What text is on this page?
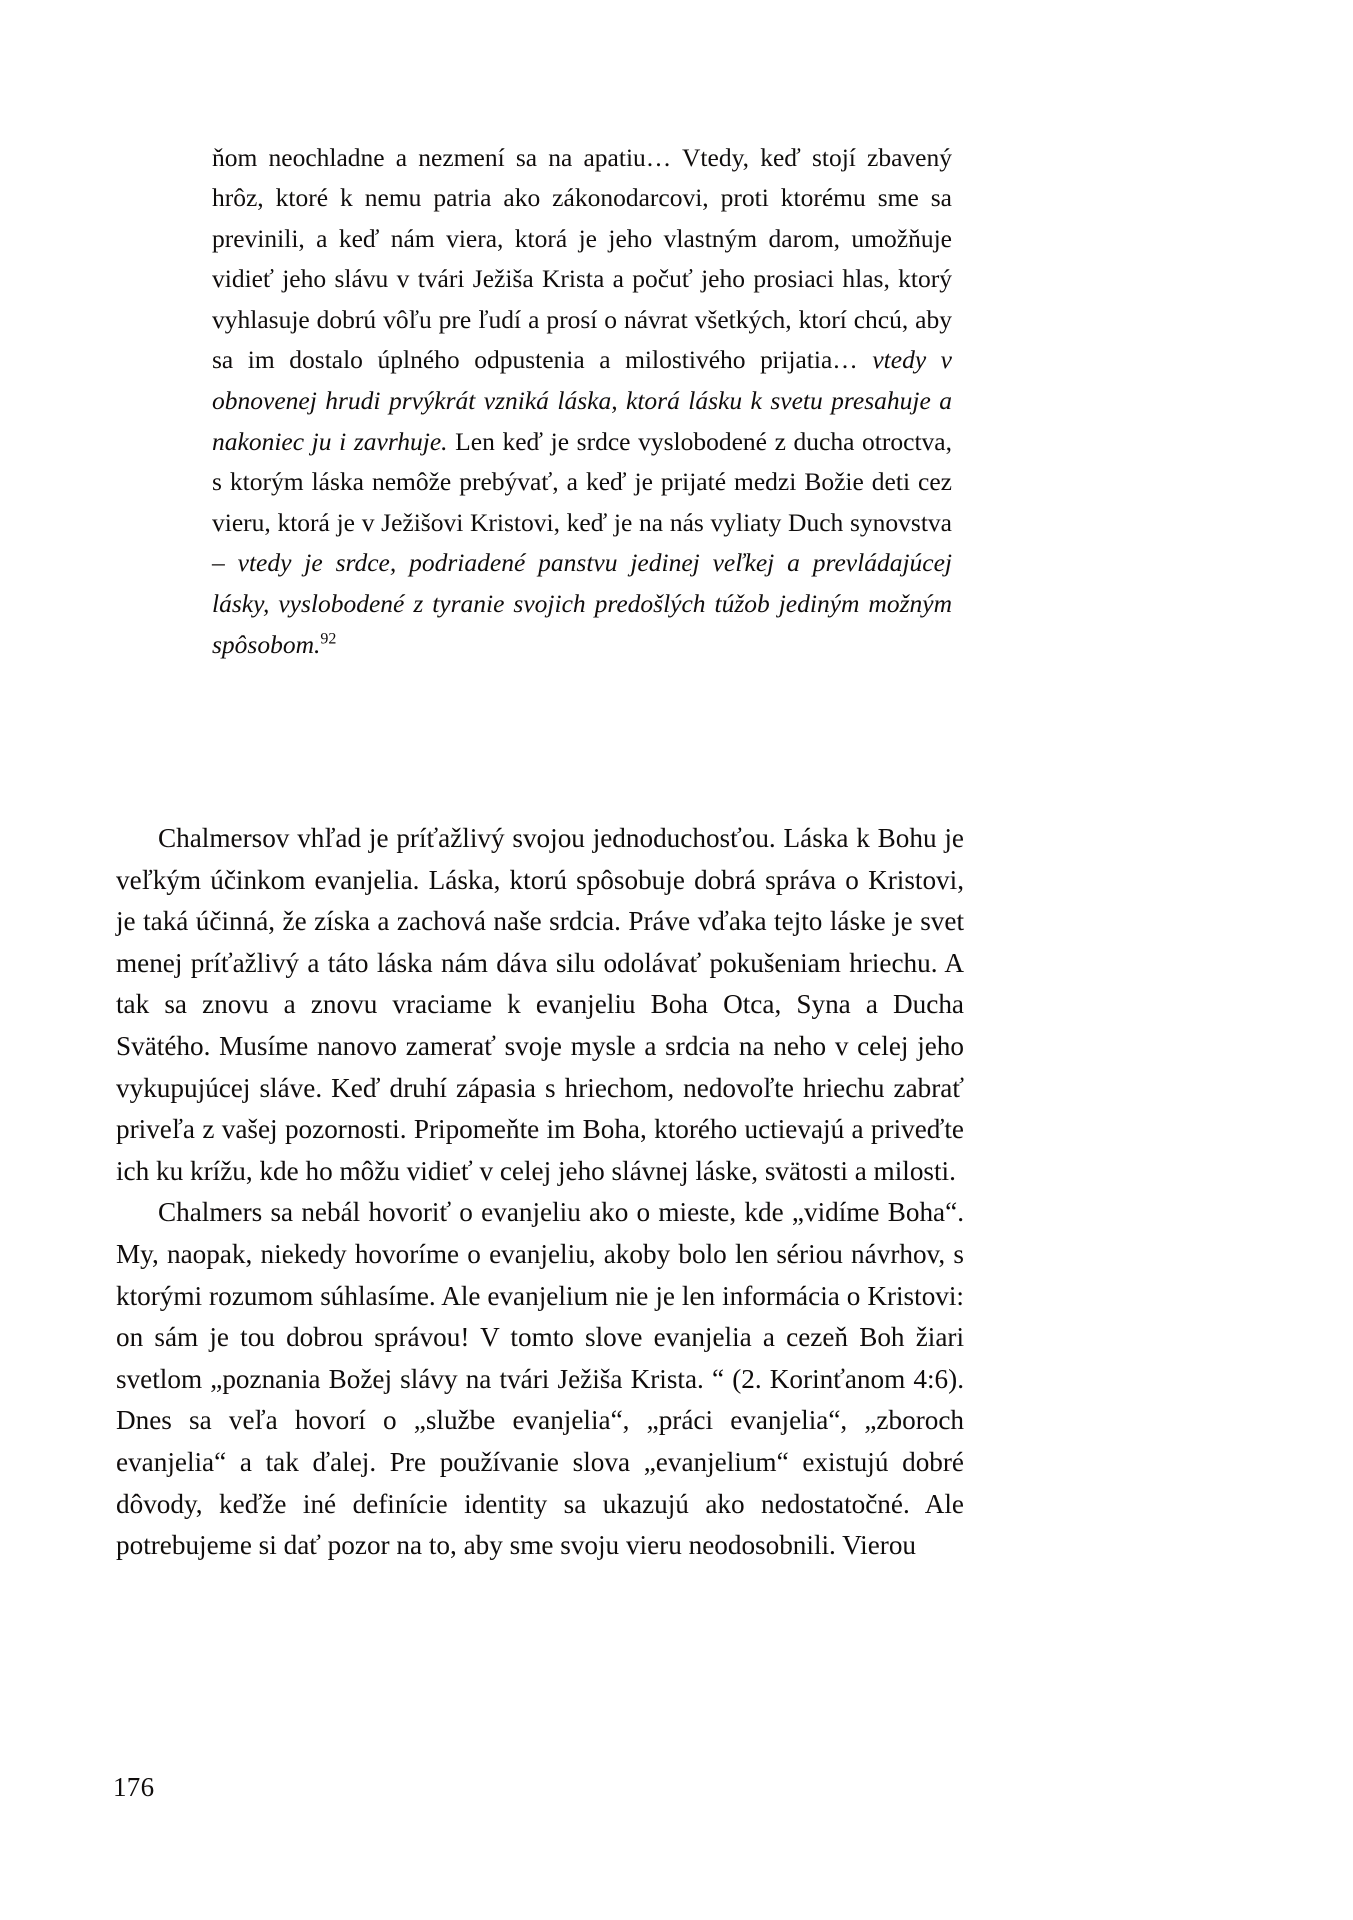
ňom neochladne a nezmení sa na apatiu… Vtedy, keď stojí zbavený hrôz, ktoré k nemu patria ako zákonodarcovi, proti ktorému sme sa previnili, a keď nám viera, ktorá je jeho vlastným darom, umožňuje vidieť jeho slávu v tvári Ježiša Krista a počuť jeho prosiaci hlas, ktorý vyhlasuje dobrú vôľu pre ľudí a prosí o návrat všetkých, ktorí chcú, aby sa im dostalo úplného odpustenia a milostivého prijatia… vtedy v obnovenej hrudi prvýkrát vzniká láska, ktorá lásku k svetu presahuje a nakoniec ju i zavrhuje. Len keď je srdce vyslobodené z ducha otroctva, s ktorým láska nemôže prebývať, a keď je prijaté medzi Božie deti cez vieru, ktorá je v Ježišovi Kristovi, keď je na nás vyliaty Duch synovstva – vtedy je srdce, podriadené panstvu jedinej veľkej a prevládajúcej lásky, vyslobodené z tyranie svojich predošlých túžob jediným možným spôsobom.$^{92}$

Chalmersov vhľad je príťažlivý svojou jednoduchosťou. Láska k Bohu je veľkým účinkom evanjelia. Láska, ktorú spôsobuje dobrá správa o Kristovi, je taká účinná, že získa a zachová naše srdcia. Práve vďaka tejto láske je svet menej príťažlivý a táto láska nám dáva silu odolávať pokušeniam hriechu. A tak sa znovu a znovu vraciame k evanjeliu Boha Otca, Syna a Ducha Svätého. Musíme nanovo zamerať svoje mysle a srdcia na neho v celej jeho vykupujúcej sláve. Keď druhí zápasia s hriechom, nedovoľte hriechu zabrať priveľa z vašej pozornosti. Pripomeňte im Boha, ktorého uctievajú a priveďte ich ku krížu, kde ho môžu vidieť v celej jeho slávnej láske, svätosti a milosti.

Chalmers sa nebál hovoriť o evanjeliu ako o mieste, kde „vidíme Boha“. My, naopak, niekedy hovoríme o evanjeliu, akoby bolo len sériou návrhov, s ktorými rozumom súhlasíme. Ale evanjelium nie je len informácia o Kristovi: on sám je tou dobrou správou! V tomto slove evanjelia a cezeň Boh žiari svetlom „poznania Božej slávy na tvári Ježiša Krista. “ (2. Korinťanom 4:6). Dnes sa veľa hovorí o „službe evanjelia“, „práci evanjelia“, „zboroch evanjelia“ a tak ďalej. Pre používanie slova „evanjelium“ existujú dobré dôvody, keďže iné definície identity sa ukazujú ako nedostatočné. Ale potrebujeme si dať pozor na to, aby sme svoju vieru neodosobnili. Vierou

176
